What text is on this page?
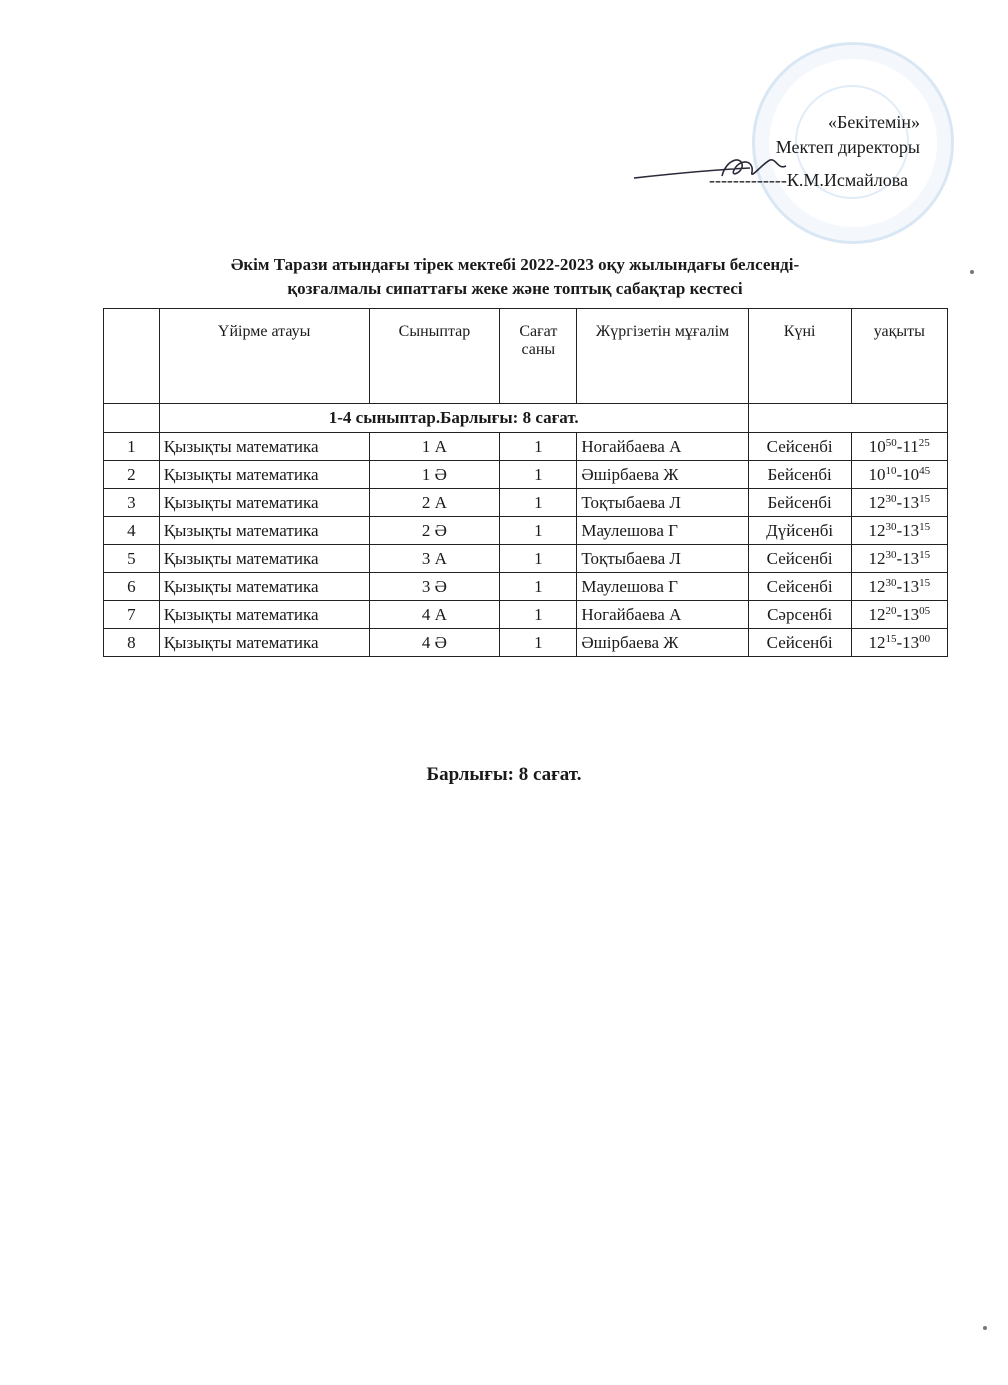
«Бекітемін»
Мектеп директоры
-------------К.М.Исмайлова
Әкім Тарази атындағы тірек мектебі 2022-2023 оқу жылындағы белсенді-
қозғалмалы сипаттағы жеке және топтық сабақтар кестесі
	Үйірме атауы	Сыныптар	Сағат саны	Жүргізетін мұғалім	Күні	уақыты
	1-4 сыныптар.Барлығы: 8 сағат.					
1	Қызықты математика	1 А	1	Ногайбаева А	Сейсенбі	$10^{50}-11^{25}$
2	Қызықты математика	1 Ә	1	Әшірбаева Ж	Бейсенбі	$10^{10}-10^{45}$
3	Қызықты математика	2 А	1	Тоқтыбаева Л	Бейсенбі	$12^{30}-13^{15}$
4	Қызықты математика	2 Ә	1	Маулешова Г	Дүйсенбі	$12^{30}-13^{15}$
5	Қызықты математика	3 А	1	Тоқтыбаева Л	Сейсенбі	$12^{30}-13^{15}$
6	Қызықты математика	3 Ә	1	Маулешова Г	Сейсенбі	$12^{30}-13^{15}$
7	Қызықты математика	4 А	1	Ногайбаева А	Сәрсенбі	$12^{20}-13^{05}$
8	Қызықты математика	4 Ә	1	Әшірбаева Ж	Сейсенбі	$12^{15}-13^{00}$
Барлығы: 8 сағат.
